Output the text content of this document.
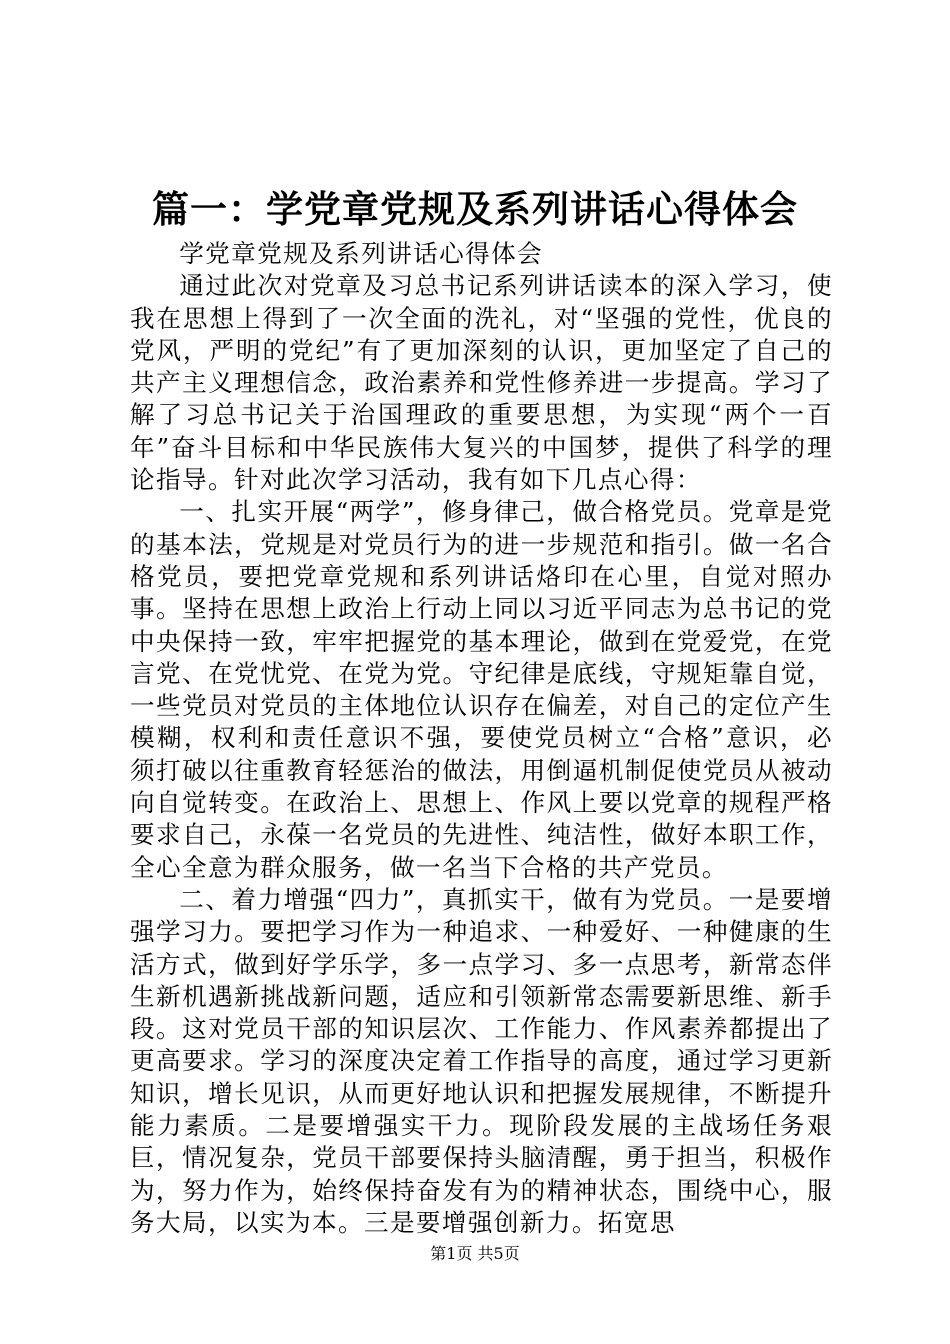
篇一：学党章党规及系列讲话心得体会

学党章党规及系列讲话心得体会

通过此次对党章及习总书记系列讲话读本的深入学习，使我在思想上得到了一次全面的洗礼，对“坚强的党性，优良的党风，严明的党纪”有了更加深刻的认识，更加坚定了自己的共产主义理想信念，政治素养和党性修养进一步提高。学习了解了习总书记关于治国理政的重要思想，为实现“两个一百年”奋斗目标和中华民族伟大复兴的中国梦，提供了科学的理论指导。针对此次学习活动，我有如下几点心得：

一、扎实开展“两学”，修身律己，做合格党员。党章是党的基本法，党规是对党员行为的进一步规范和指引。做一名合格党员，要把党章党规和系列讲话烙印在心里，自觉对照办事。坚持在思想上政治上行动上同以习近平同志为总书记的党中央保持一致，牢牢把握党的基本理论，做到在党爱党，在党言党、在党忧党、在党为党。守纪律是底线，守规矩靠自觉，一些党员对党员的主体地位认识存在偏差，对自己的定位产生模糊，权利和责任意识不强，要使党员树立“合格”意识，必须打破以往重教育轻惩治的做法，用倒逼机制促使党员从被动向自觉转变。在政治上、思想上、作风上要以党章的规程严格要求自己，永葆一名党员的先进性、纯洁性，做好本职工作，全心全意为群众服务，做一名当下合格的共产党员。

二、着力增强“四力”，真抓实干，做有为党员。一是要增强学习力。要把学习作为一种追求、一种爱好、一种健康的生活方式，做到好学乐学，多一点学习、多一点思考，新常态伴生新机遇新挑战新问题，适应和引领新常态需要新思维、新手段。这对党员干部的知识层次、工作能力、作风素养都提出了更高要求。学习的深度决定着工作指导的高度，通过学习更新知识，增长见识，从而更好地认识和把握发展规律，不断提升能力素质。二是要增强实干力。现阶段发展的主战场任务艰巨，情况复杂，党员干部要保持头脑清醒，勇于担当，积极作为，努力作为，始终保持奋发有为的精神状态，围绕中心，服务大局，以实为本。三是要增强创新力。拓宽思

第1页 共5页
